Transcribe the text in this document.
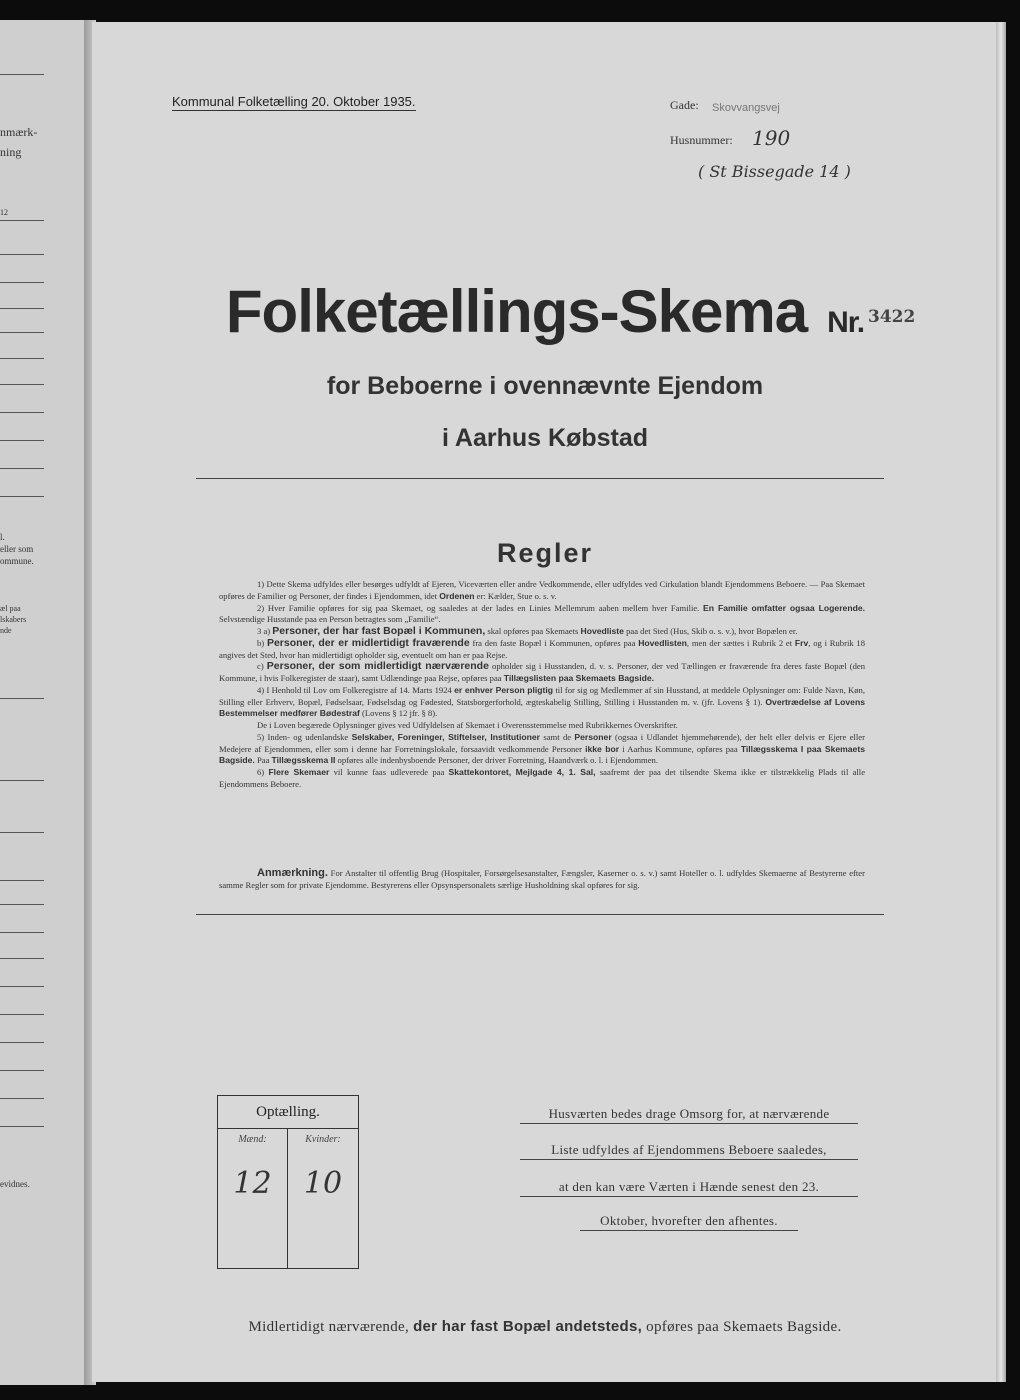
nmærk-
ning
12
l.
eller som
ommune.
æl paa
lskabers
nde
evidnes.
Kommunal Folketælling 20. Oktober 1935.	Gade: Skovvangsvej
Husnummer: 190
( St Bissegade 14 )
Folketællings-Skema Nr. 3422
for Beboerne i ovennævnte Ejendom
i Aarhus Købstad
Regler

1) Dette Skema udfyldes eller besørges udfyldt af Ejeren, Viceværten eller andre Vedkommende, eller udfyldes ved Cirkulation blandt Ejendommens Beboere. — Paa Skemaet opføres de Familier og Personer, der findes i Ejendommen, idet Ordenen er: Kælder, Stue o. s. v.

2) Hver Familie opføres for sig paa Skemaet, og saaledes at der lades en Linies Mellemrum aaben mellem hver Familie. En Familie omfatter ogsaa Logerende. Selvstændige Husstande paa en Person betragtes som „Familie“.

3 a) Personer, der har fast Bopæl i Kommunen, skal opføres paa Skemaets Hovedliste paa det Sted (Hus, Skib o. s. v.), hvor Bopælen er.

b) Personer, der er midlertidigt fraværende fra den faste Bopæl i Kommunen, opføres paa Hovedlisten, men der sættes i Rubrik 2 et Frv, og i Rubrik 18 angives det Sted, hvor han midlertidigt opholder sig, eventuelt om han er paa Rejse.

c) Personer, der som midlertidigt nærværende opholder sig i Husstanden, d. v. s. Personer, der ved Tællingen er fraværende fra deres faste Bopæl (den Kommune, i hvis Folkeregister de staar), samt Udlændinge paa Rejse, opføres paa Tillægslisten paa Skemaets Bagside.

4) I Henhold til Lov om Folkeregistre af 14. Marts 1924 er enhver Person pligtig til for sig og Medlemmer af sin Husstand, at meddele Oplysninger om: Fulde Navn, Køn, Stilling eller Erhverv, Bopæl, Fødselsaar, Fødselsdag og Fødested, Statsborgerforhold, ægteskabelig Stilling, Stilling i Husstanden m. v. (jfr. Lovens § 1). Overtrædelse af Lovens Bestemmelser medfører Bødestraf (Lovens § 12 jfr. § 8).

De i Loven begærede Oplysninger gives ved Udfyldelsen af Skemaet i Overensstemmelse med Rubrikkernes Overskrifter.

5) Inden- og udenlandske Selskaber, Foreninger, Stiftelser, Institutioner samt de Personer (ogsaa i Udlandet hjemmehørende), der helt eller delvis er Ejere eller Medejere af Ejendommen, eller som i denne har Forretningslokale, forsaavidt vedkommende Personer ikke bor i Aarhus Kommune, opføres paa Tillægsskema I paa Skemaets Bagside. Paa Tillægsskema II opføres alle indenbysboende Personer, der driver Forretning, Haandværk o. l. i Ejendommen.

6) Flere Skemaer vil kunne faas udleverede paa Skattekontoret, Mejlgade 4, 1. Sal, saafremt der paa det tilsendte Skema ikke er tilstrækkelig Plads til alle Ejendommens Beboere.

Anmærkning. For Anstalter til offentlig Brug (Hospitaler, Forsørgelsesanstalter, Fængsler, Kaserner o. s. v.) samt Hoteller o. l. udfyldes Skemaerne af Bestyrerne efter samme Regler som for private Ejendomme. Bestyrerens eller Opsynspersonalets særlige Husholdning skal opføres for sig.

Optælling.
Mænd:
12
Kvinder:
10
Husværten bedes drage Omsorg for, at nærværende
Liste udfyldes af Ejendommens Beboere saaledes,
at den kan være Værten i Hænde senest den 23.
Oktober, hvorefter den afhentes.
Midlertidigt nærværende, der har fast Bopæl andetsteds, opføres paa Skemaets Bagside.
